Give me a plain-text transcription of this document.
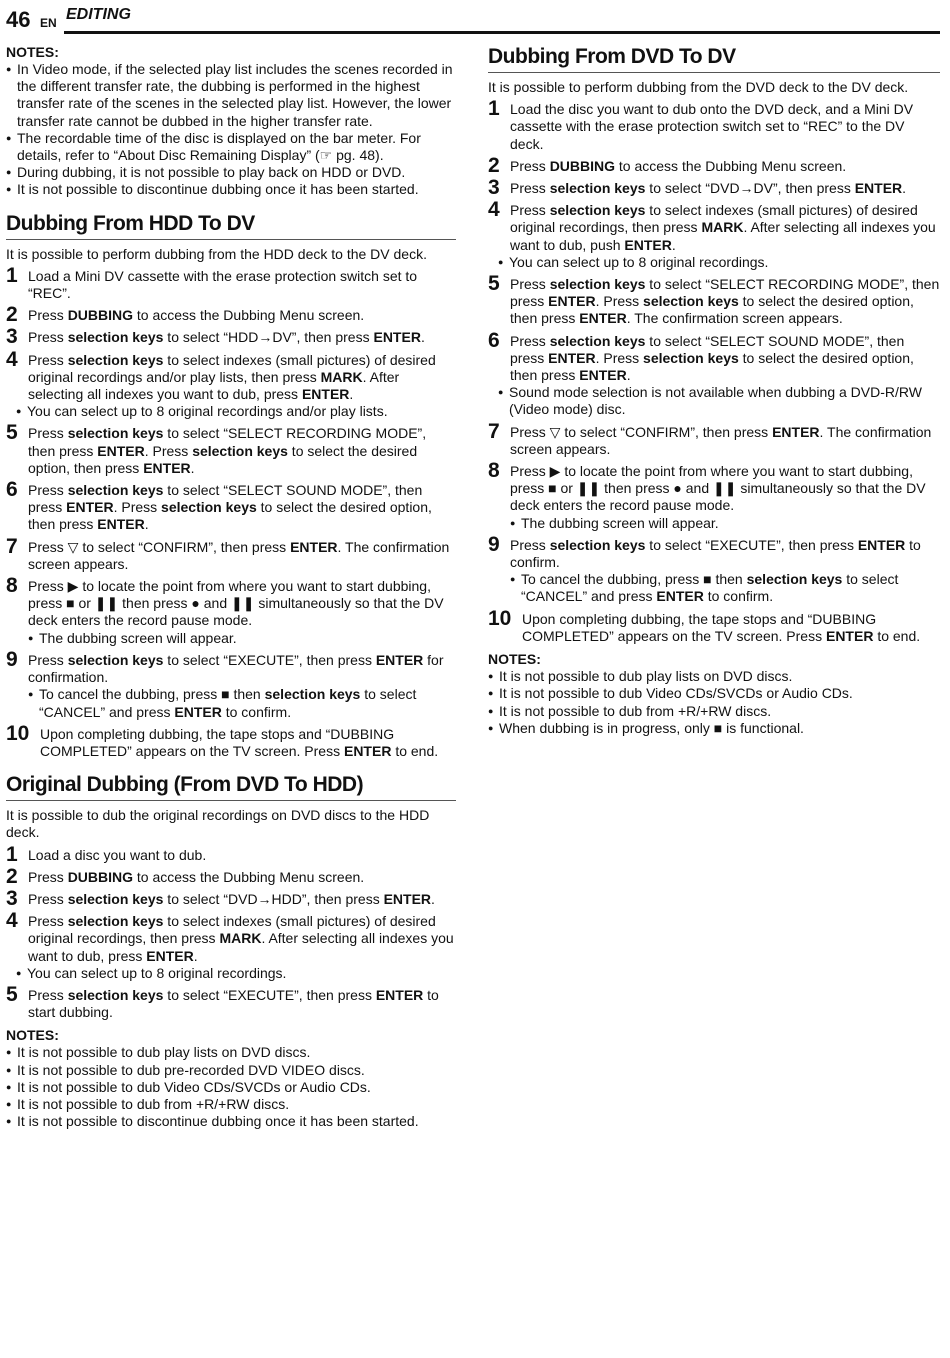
46 EN EDITING

NOTES:

● In Video mode, if the selected play list includes the scenes recorded in the different transfer rate, the dubbing is performed in the highest transfer rate of the scenes in the selected play list. However, the lower transfer rate cannot be dubbed in the higher transfer rate.
● The recordable time of the disc is displayed on the bar meter. For details, refer to “About Disc Remaining Display” (☞ pg. 48).
● During dubbing, it is not possible to play back on HDD or DVD.
● It is not possible to discontinue dubbing once it has been started.
Dubbing From HDD To DV
It is possible to perform dubbing from the HDD deck to the DV deck.
1 Load a Mini DV cassette with the erase protection switch set to “REC”.
2 Press DUBBING to access the Dubbing Menu screen.
3 Press selection keys to select “HDD→DV”, then press ENTER.
4 Press selection keys to select indexes (small pictures) of desired original recordings and/or play lists, then press MARK. After selecting all indexes you want to dub, press ENTER.
● You can select up to 8 original recordings and/or play lists.
5 Press selection keys to select “SELECT RECORDING MODE”, then press ENTER. Press selection keys to select the desired option, then press ENTER.
6 Press selection keys to select “SELECT SOUND MODE”, then press ENTER. Press selection keys to select the desired option, then press ENTER.
7 Press ▽ to select “CONFIRM”, then press ENTER. The confirmation screen appears.
8 Press ▶ to locate the point from where you want to start dubbing, press ■ or ❚❚ then press ● and ❚❚ simultaneously so that the DV deck enters the record pause mode.
● The dubbing screen will appear.
9 Press selection keys to select “EXECUTE”, then press ENTER for confirmation.
● To cancel the dubbing, press ■ then selection keys to select “CANCEL” and press ENTER to confirm.
10 Upon completing dubbing, the tape stops and “DUBBING COMPLETED” appears on the TV screen. Press ENTER to end.
Original Dubbing (From DVD To HDD)
It is possible to dub the original recordings on DVD discs to the HDD deck.
1 Load a disc you want to dub.
2 Press DUBBING to access the Dubbing Menu screen.
3 Press selection keys to select “DVD→HDD”, then press ENTER.
4 Press selection keys to select indexes (small pictures) of desired original recordings, then press MARK. After selecting all indexes you want to dub, press ENTER.
● You can select up to 8 original recordings.
5 Press selection keys to select “EXECUTE”, then press ENTER to start dubbing.

NOTES:

● It is not possible to dub play lists on DVD discs.
● It is not possible to dub pre-recorded DVD VIDEO discs.
● It is not possible to dub Video CDs/SVCDs or Audio CDs.
● It is not possible to dub from +R/+RW discs.
● It is not possible to discontinue dubbing once it has been started.
Dubbing From DVD To DV
It is possible to perform dubbing from the DVD deck to the DV deck.
1 Load the disc you want to dub onto the DVD deck, and a Mini DV cassette with the erase protection switch set to “REC” to the DV deck.
2 Press DUBBING to access the Dubbing Menu screen.
3 Press selection keys to select “DVD→DV”, then press ENTER.
4 Press selection keys to select indexes (small pictures) of desired original recordings, then press MARK. After selecting all indexes you want to dub, push ENTER.
● You can select up to 8 original recordings.
5 Press selection keys to select “SELECT RECORDING MODE”, then press ENTER. Press selection keys to select the desired option, then press ENTER. The confirmation screen appears.
6 Press selection keys to select “SELECT SOUND MODE”, then press ENTER. Press selection keys to select the desired option, then press ENTER.
● Sound mode selection is not available when dubbing a DVD-R/RW (Video mode) disc.
7 Press ▽ to select “CONFIRM”, then press ENTER. The confirmation screen appears.
8 Press ▶ to locate the point from where you want to start dubbing, press ■ or ❚❚ then press ● and ❚❚ simultaneously so that the DV deck enters the record pause mode.
● The dubbing screen will appear.
9 Press selection keys to select “EXECUTE”, then press ENTER to confirm.
● To cancel the dubbing, press ■ then selection keys to select “CANCEL” and press ENTER to confirm.
10 Upon completing dubbing, the tape stops and “DUBBING COMPLETED” appears on the TV screen. Press ENTER to end.

NOTES:

● It is not possible to dub play lists on DVD discs.
● It is not possible to dub Video CDs/SVCDs or Audio CDs.
● It is not possible to dub from +R/+RW discs.
● When dubbing is in progress, only ■ is functional.
